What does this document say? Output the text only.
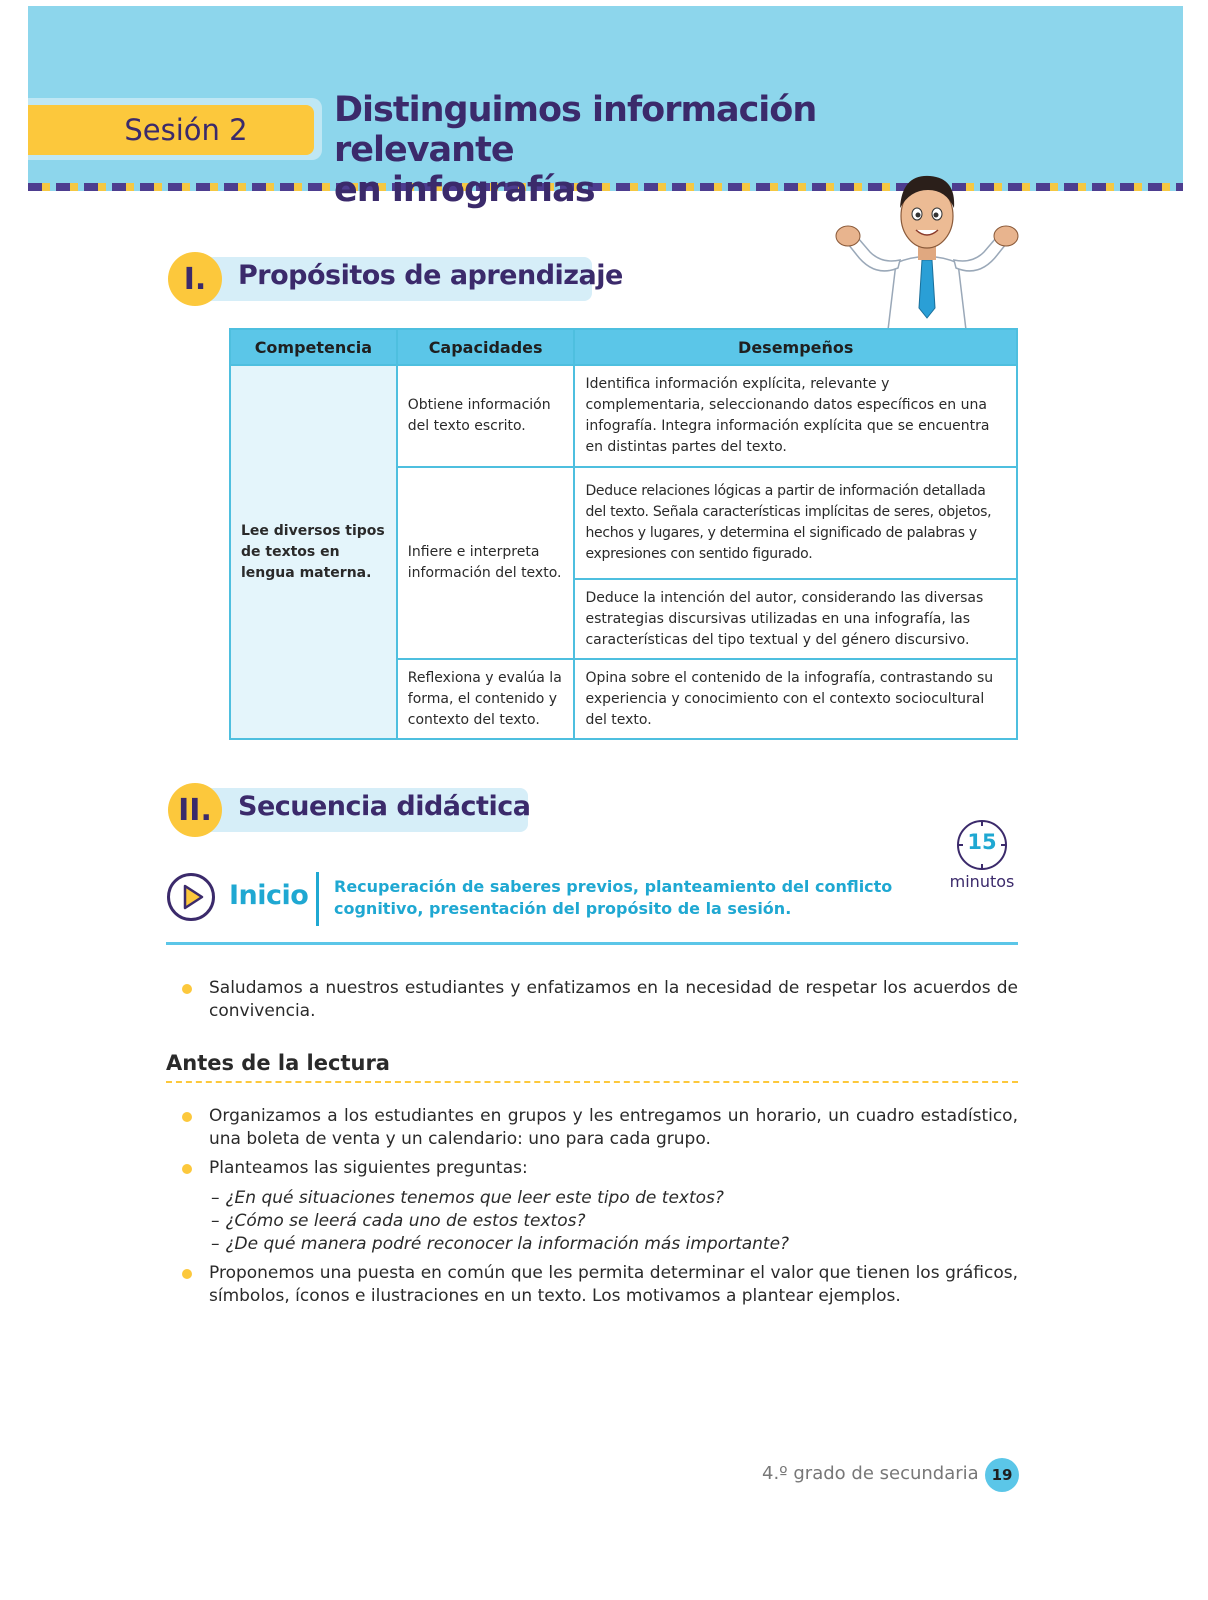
Sesión 2 Distinguimos información relevante
en infografías
I.	Propósitos de aprendizaje
Competencia	Capacidades	Desempeños
Lee diversos tipos de textos en lengua materna.	Obtiene información del texto escrito.	Identifica información explícita, relevante y complementaria, seleccionando datos específicos en una infografía. Integra información explícita que se encuentra en distintas partes del texto.
	Infiere e interpreta información del texto.	Deduce relaciones lógicas a partir de información detallada del texto. Señala características implícitas de seres, objetos, hechos y lugares, y determina el significado de palabras y expresiones con sentido figurado.
		Deduce la intención del autor, considerando las diversas estrategias discursivas utilizadas en una infografía, las características del tipo textual y del género discursivo.
	Reflexiona y evalúa la forma, el contenido y contexto del texto.	Opina sobre el contenido de la infografía, contrastando su experiencia y conocimiento con el contexto sociocultural del texto.
II. Secuencia didáctica
Inicio Recuperación de saberes previos, planteamiento del conflicto cognitivo, presentación del propósito de la sesión.
15
minutos
Saludamos a nuestros estudiantes y enfatizamos en la necesidad de respetar los acuerdos de convivencia.
Antes de la lectura
Organizamos a los estudiantes en grupos y les entregamos un horario, un cuadro estadístico, una boleta de venta y un calendario: uno para cada grupo.
Planteamos las siguientes preguntas:
– ¿En qué situaciones tenemos que leer este tipo de textos?
– ¿Cómo se leerá cada uno de estos textos?
– ¿De qué manera podré reconocer la información más importante?
Proponemos una puesta en común que les permita determinar el valor que tienen los gráficos, símbolos, íconos e ilustraciones en un texto. Los motivamos a plantear ejemplos.
4.º grado de secundaria 19
